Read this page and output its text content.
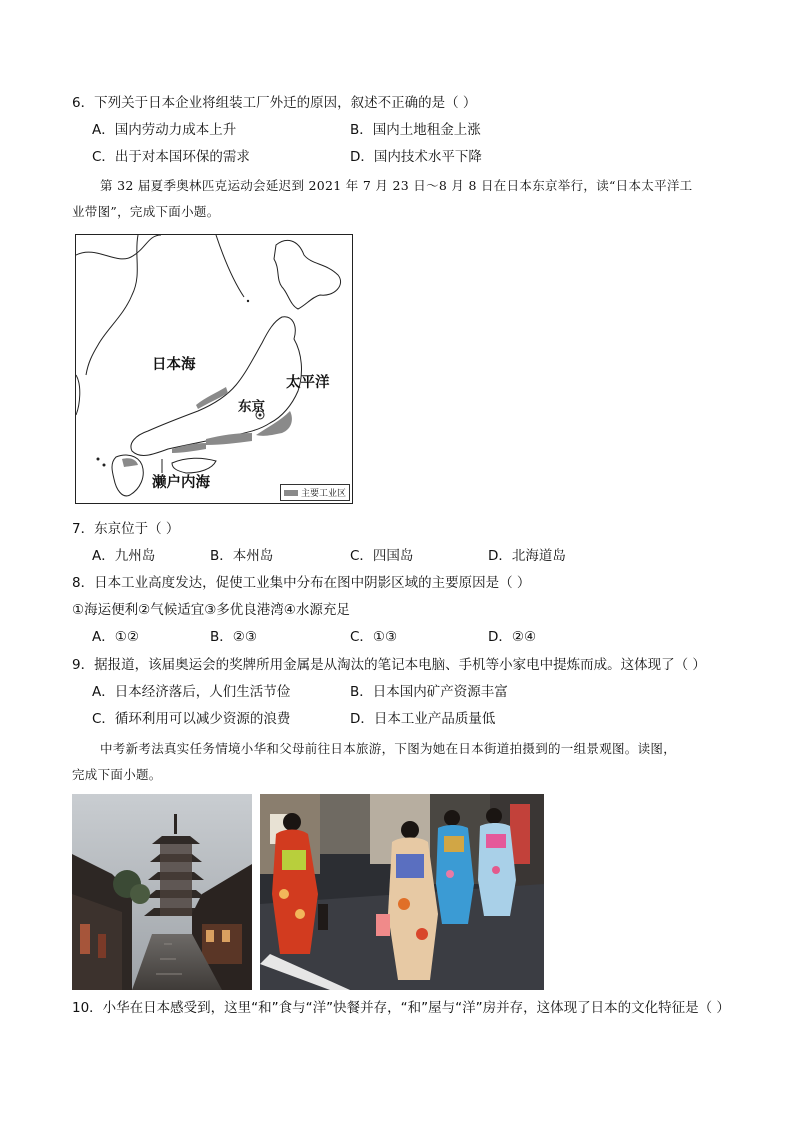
6．下列关于日本企业将组装工厂外迁的原因，叙述不正确的是（ ）
A．国内劳动力成本上升	B．国内土地租金上涨
C．出于对本国环保的需求	D．国内技术水平下降
第 32 届夏季奥林匹克运动会延迟到 2021 年 7 月 23 日～8 月 8 日在日本东京举行，读“日本太平洋工
业带图”，完成下面小题。
日本海
太平洋
东京
濑户内海
主要工业区
7．东京位于（ ）
A．九州岛	B．本州岛	C．四国岛	D．北海道岛
8．日本工业高度发达，促使工业集中分布在图中阴影区域的主要原因是（ ）
①海运便利②气候适宜③多优良港湾④水源充足
A．①②	B．②③	C．①③	D．②④
9．据报道，该届奥运会的奖牌所用金属是从淘汰的笔记本电脑、手机等小家电中提炼而成。这体现了（ ）
A．日本经济落后，人们生活节俭	B．日本国内矿产资源丰富
C．循环利用可以减少资源的浪费	D．日本工业产品质量低
中考新考法真实任务情境小华和父母前往日本旅游，下图为她在日本街道拍摄到的一组景观图。读图，
完成下面小题。
10．小华在日本感受到，这里“和”食与“洋”快餐并存，“和”屋与“洋”房并存，这体现了日本的文化特征是（ ）
